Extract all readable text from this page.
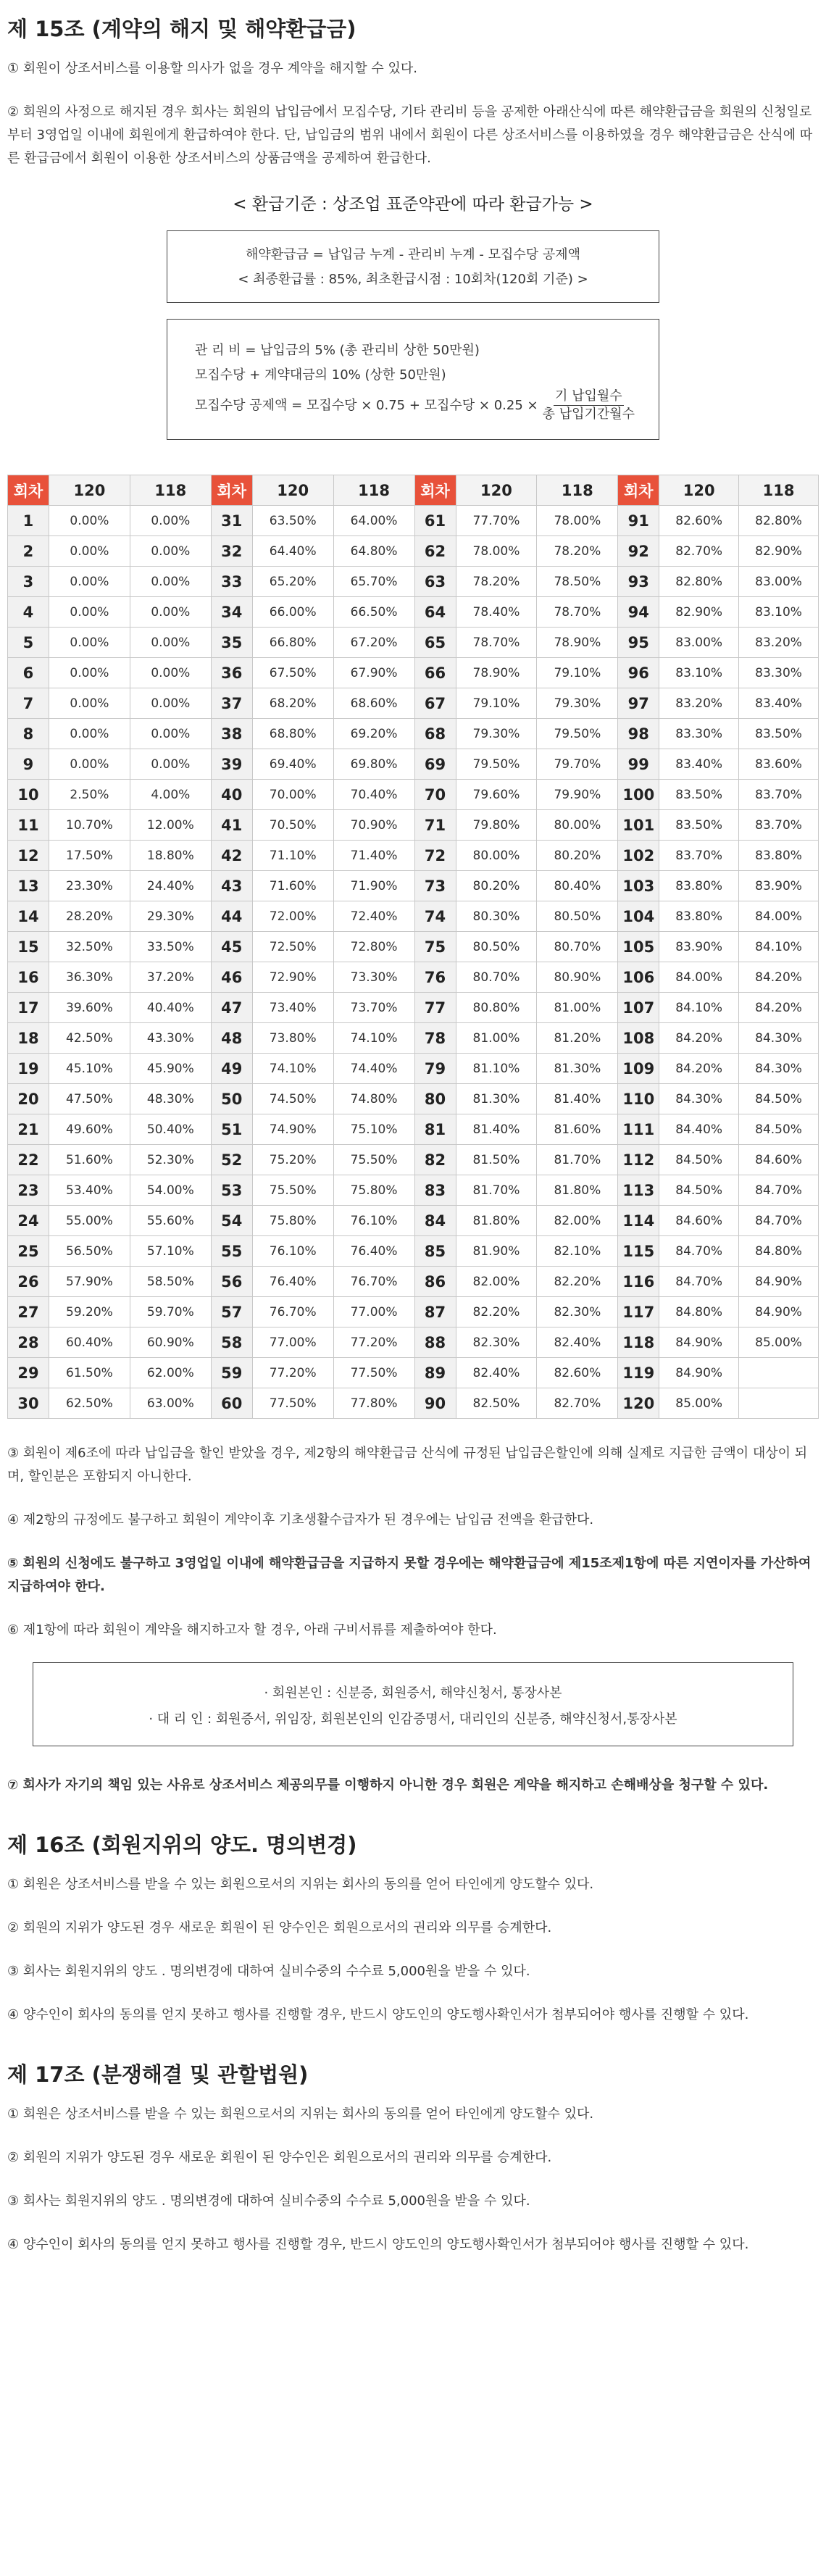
제 15조 (계약의 해지 및 해약환급금)

① 회원이 상조서비스를 이용할 의사가 없을 경우 계약을 해지할 수 있다.

② 회원의 사정으로 해지된 경우 회사는 회원의 납입금에서 모집수당, 기타 관리비 등을 공제한 아래산식에 따른 해약환급금을 회원의 신청일로부터 3영업일 이내에 회원에게 환급하여야 한다. 단, 납입금의 범위 내에서 회원이 다른 상조서비스를 이용하였을 경우 해약환급금은 산식에 따른 환급금에서 회원이 이용한 상조서비스의 상품금액을 공제하여 환급한다.

< 환급기준 : 상조업 표준약관에 따라 환급가능 >
해약환급금 = 납입금 누계 - 관리비 누계 - 모집수당 공제액
< 최종환급률 : 85%, 최초환급시점 : 10회차(120회 기준) >
관 리 비 = 납입금의 5% (총 관리비 상한 50만원)
모집수당 + 계약대금의 10% (상한 50만원)
모집수당 공제액 = 모집수당 × 0.75 + 모집수당 × $0.25 \times \frac{\text{기 납입월수}}{\text{총 납입기간월수}}$
회차	120	118	회차	120	118	회차	120	118	회차	120	118
1	0.00%	0.00%	31	63.50%	64.00%	61	77.70%	78.00%	91	82.60%	82.80%
2	0.00%	0.00%	32	64.40%	64.80%	62	78.00%	78.20%	92	82.70%	82.90%
3	0.00%	0.00%	33	65.20%	65.70%	63	78.20%	78.50%	93	82.80%	83.00%
4	0.00%	0.00%	34	66.00%	66.50%	64	78.40%	78.70%	94	82.90%	83.10%
5	0.00%	0.00%	35	66.80%	67.20%	65	78.70%	78.90%	95	83.00%	83.20%
6	0.00%	0.00%	36	67.50%	67.90%	66	78.90%	79.10%	96	83.10%	83.30%
7	0.00%	0.00%	37	68.20%	68.60%	67	79.10%	79.30%	97	83.20%	83.40%
8	0.00%	0.00%	38	68.80%	69.20%	68	79.30%	79.50%	98	83.30%	83.50%
9	0.00%	0.00%	39	69.40%	69.80%	69	79.50%	79.70%	99	83.40%	83.60%
10	2.50%	4.00%	40	70.00%	70.40%	70	79.60%	79.90%	100	83.50%	83.70%
11	10.70%	12.00%	41	70.50%	70.90%	71	79.80%	80.00%	101	83.50%	83.70%
12	17.50%	18.80%	42	71.10%	71.40%	72	80.00%	80.20%	102	83.70%	83.80%
13	23.30%	24.40%	43	71.60%	71.90%	73	80.20%	80.40%	103	83.80%	83.90%
14	28.20%	29.30%	44	72.00%	72.40%	74	80.30%	80.50%	104	83.80%	84.00%
15	32.50%	33.50%	45	72.50%	72.80%	75	80.50%	80.70%	105	83.90%	84.10%
16	36.30%	37.20%	46	72.90%	73.30%	76	80.70%	80.90%	106	84.00%	84.20%
17	39.60%	40.40%	47	73.40%	73.70%	77	80.80%	81.00%	107	84.10%	84.20%
18	42.50%	43.30%	48	73.80%	74.10%	78	81.00%	81.20%	108	84.20%	84.30%
19	45.10%	45.90%	49	74.10%	74.40%	79	81.10%	81.30%	109	84.20%	84.30%
20	47.50%	48.30%	50	74.50%	74.80%	80	81.30%	81.40%	110	84.30%	84.50%
21	49.60%	50.40%	51	74.90%	75.10%	81	81.40%	81.60%	111	84.40%	84.50%
22	51.60%	52.30%	52	75.20%	75.50%	82	81.50%	81.70%	112	84.50%	84.60%
23	53.40%	54.00%	53	75.50%	75.80%	83	81.70%	81.80%	113	84.50%	84.70%
24	55.00%	55.60%	54	75.80%	76.10%	84	81.80%	82.00%	114	84.60%	84.70%
25	56.50%	57.10%	55	76.10%	76.40%	85	81.90%	82.10%	115	84.70%	84.80%
26	57.90%	58.50%	56	76.40%	76.70%	86	82.00%	82.20%	116	84.70%	84.90%
27	59.20%	59.70%	57	76.70%	77.00%	87	82.20%	82.30%	117	84.80%	84.90%
28	60.40%	60.90%	58	77.00%	77.20%	88	82.30%	82.40%	118	84.90%	85.00%
29	61.50%	62.00%	59	77.20%	77.50%	89	82.40%	82.60%	119	84.90%	
30	62.50%	63.00%	60	77.50%	77.80%	90	82.50%	82.70%	120	85.00%	

③ 회원이 제6조에 따라 납입금을 할인 받았을 경우, 제2항의 해약환급금 산식에 규정된 납입금은할인에 의해 실제로 지급한 금액이 대상이 되며, 할인분은 포함되지 아니한다.

④ 제2항의 규정에도 불구하고 회원이 계약이후 기초생활수급자가 된 경우에는 납입금 전액을 환급한다.

⑤ 회원의 신청에도 불구하고 3영업일 이내에 해약환급금을 지급하지 못할 경우에는 해약환급금에 제15조제1항에 따른 지연이자를 가산하여 지급하여야 한다.

⑥ 제1항에 따라 회원이 계약을 해지하고자 할 경우, 아래 구비서류를 제출하여야 한다.

· 회원본인 : 신분증, 회원증서, 해약신청서, 통장사본
· 대 리 인 : 회원증서, 위임장, 회원본인의 인감증명서, 대리인의 신분증, 해약신청서,통장사본

⑦ 회사가 자기의 책임 있는 사유로 상조서비스 제공의무를 이행하지 아니한 경우 회원은 계약을 해지하고 손해배상을 청구할 수 있다.

제 16조 (회원지위의 양도. 명의변경)

① 회원은 상조서비스를 받을 수 있는 회원으로서의 지위는 회사의 동의를 얻어 타인에게 양도할수 있다.

② 회원의 지위가 양도된 경우 새로운 회원이 된 양수인은 회원으로서의 권리와 의무를 승계한다.

③ 회사는 회원지위의 양도 . 명의변경에 대하여 실비수중의 수수료 5,000원을 받을 수 있다.

④ 양수인이 회사의 동의를 얻지 못하고 행사를 진행할 경우, 반드시 양도인의 양도행사확인서가 첨부되어야 행사를 진행할 수 있다.

제 17조 (분쟁해결 및 관할법원)

① 회원은 상조서비스를 받을 수 있는 회원으로서의 지위는 회사의 동의를 얻어 타인에게 양도할수 있다.

② 회원의 지위가 양도된 경우 새로운 회원이 된 양수인은 회원으로서의 권리와 의무를 승계한다.

③ 회사는 회원지위의 양도 . 명의변경에 대하여 실비수중의 수수료 5,000원을 받을 수 있다.

④ 양수인이 회사의 동의를 얻지 못하고 행사를 진행할 경우, 반드시 양도인의 양도행사확인서가 첨부되어야 행사를 진행할 수 있다.
